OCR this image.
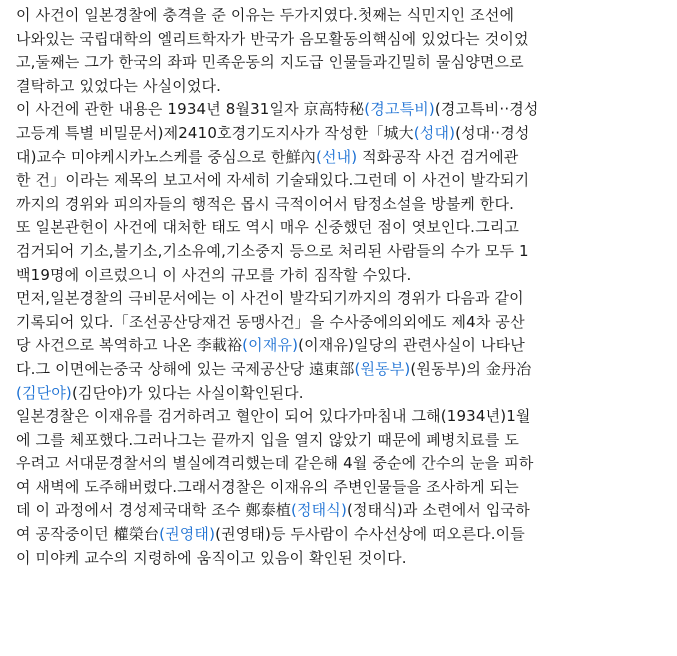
이 사건이 일본경찰에 충격을 준 이유는 두가지였다.첫째는 식민지인 조선에
나와있는 국립대학의 엘리트학자가 반국가 음모활동의핵심에 있었다는 것이었
고,둘째는 그가 한국의 좌파 민족운동의 지도급 인물들과긴밀히 물심양면으로
결탁하고 있었다는 사실이었다.
이 사건에 관한 내용은 1934년 8월31일자 京高特秘(경고특비)(경고특비··경성
고등계 특별 비밀문서)제2410호경기도지사가 작성한「城大(성대)(성대··경성
대)교수 미야케시카노스케를 중심으로 한鮮內(선내) 적화공작 사건 검거에관
한 건」이라는 제목의 보고서에 자세히 기술돼있다.그런데 이 사건이 발각되기
까지의 경위와 피의자들의 행적은 몹시 극적이어서 탐정소설을 방불케 한다.
또 일본관헌이 사건에 대처한 태도 역시 매우 신중했던 점이 엿보인다.그리고
검거되어 기소,불기소,기소유예,기소중지 등으로 처리된 사람들의 수가 모두 1
백19명에 이르렀으니 이 사건의 규모를 가히 짐작할 수있다.
먼저,일본경찰의 극비문서에는 이 사건이 발각되기까지의 경위가 다음과 같이
기록되어 있다.「조선공산당재건 동맹사건」을 수사중에의외에도 제4차 공산
당 사건으로 복역하고 나온 李載裕(이재유)(이재유)일당의 관련사실이 나타난
다.그 이면에는중국 상해에 있는 국제공산당 遠東部(원동부)(원동부)의 金丹冶
(김단야)(김단야)가 있다는 사실이확인된다.
일본경찰은 이재유를 검거하려고 혈안이 되어 있다가마침내 그해(1934년)1월
에 그를 체포했다.그러나그는 끝까지 입을 열지 않았기 때문에 폐병치료를 도
우려고 서대문경찰서의 별실에격리했는데 같은해 4월 중순에 간수의 눈을 피하
여 새벽에 도주해버렸다.그래서경찰은 이재유의 주변인물들을 조사하게 되는
데 이 과정에서 경성제국대학 조수 鄭泰植(정태식)(정태식)과 소련에서 입국하
여 공작중이던 權榮台(권영태)(권영태)등 두사람이 수사선상에 떠오른다.이들
이 미야케 교수의 지령하에 움직이고 있음이 확인된 것이다.
